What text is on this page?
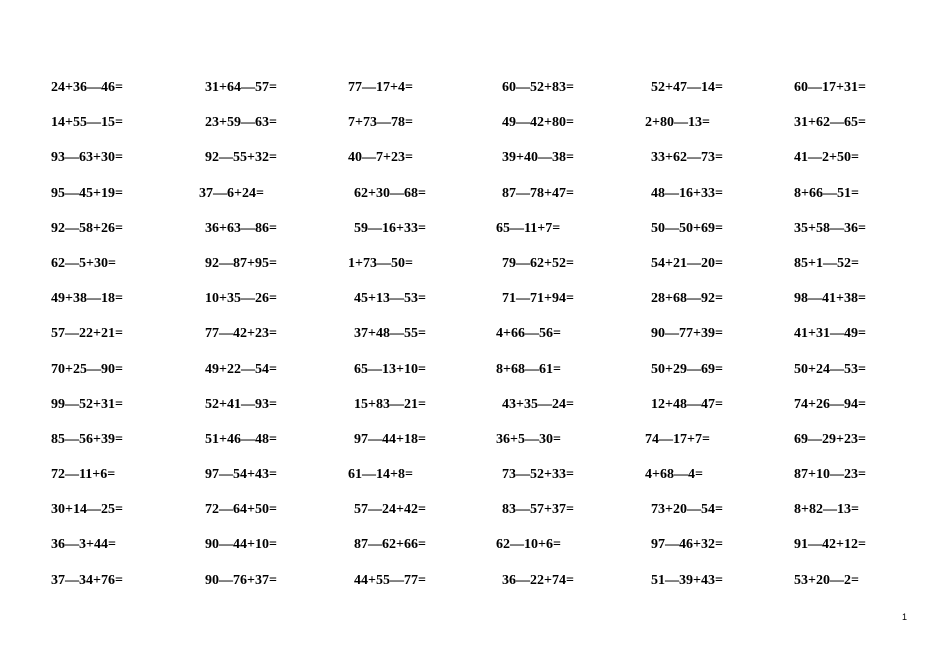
24+36—46=	31+64—57=	77—17+4=	60—52+83=	52+47—14=	60—17+31=
14+55—15=	23+59—63=	7+73—78=	49—42+80=	2+80—13=	31+62—65=
93—63+30=	92—55+32=	40—7+23=	39+40—38=	33+62—73=	41—2+50=
95—45+19=	37—6+24=	62+30—68=	87—78+47=	48—16+33=	8+66—51=
92—58+26=	36+63—86=	59—16+33=	65—11+7=	50—50+69=	35+58—36=
62—5+30=	92—87+95=	1+73—50=	79—62+52=	54+21—20=	85+1—52=
49+38—18=	10+35—26=	45+13—53=	71—71+94=	28+68—92=	98—41+38=
57—22+21=	77—42+23=	37+48—55=	4+66—56=	90—77+39=	41+31—49=
70+25—90=	49+22—54=	65—13+10=	8+68—61=	50+29—69=	50+24—53=
99—52+31=	52+41—93=	15+83—21=	43+35—24=	12+48—47=	74+26—94=
85—56+39=	51+46—48=	97—44+18=	36+5—30=	74—17+7=	69—29+23=
72—11+6=	97—54+43=	61—14+8=	73—52+33=	4+68—4=	87+10—23=
30+14—25=	72—64+50=	57—24+42=	83—57+37=	73+20—54=	8+82—13=
36—3+44=	90—44+10=	87—62+66=	62—10+6=	97—46+32=	91—42+12=
37—34+76=	90—76+37=	44+55—77=	36—22+74=	51—39+43=	53+20—2=
1
